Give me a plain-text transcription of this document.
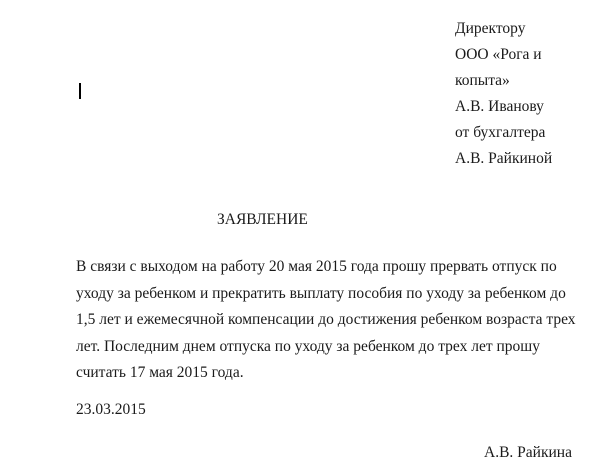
Директору
ООО «Рога и
копыта»
А.В. Иванову
от бухгалтера
А.В. Райкиной
ЗАЯВЛЕНИЕ
В связи с выходом на работу 20 мая 2015 года прошу прервать отпуск по
уходу за ребенком и прекратить выплату пособия по уходу за ребенком до
1,5 лет и ежемесячной компенсации до достижения ребенком возраста трех
лет. Последним днем отпуска по уходу за ребенком до трех лет прошу
считать 17 мая 2015 года.
23.03.2015
А.В. Райкина
